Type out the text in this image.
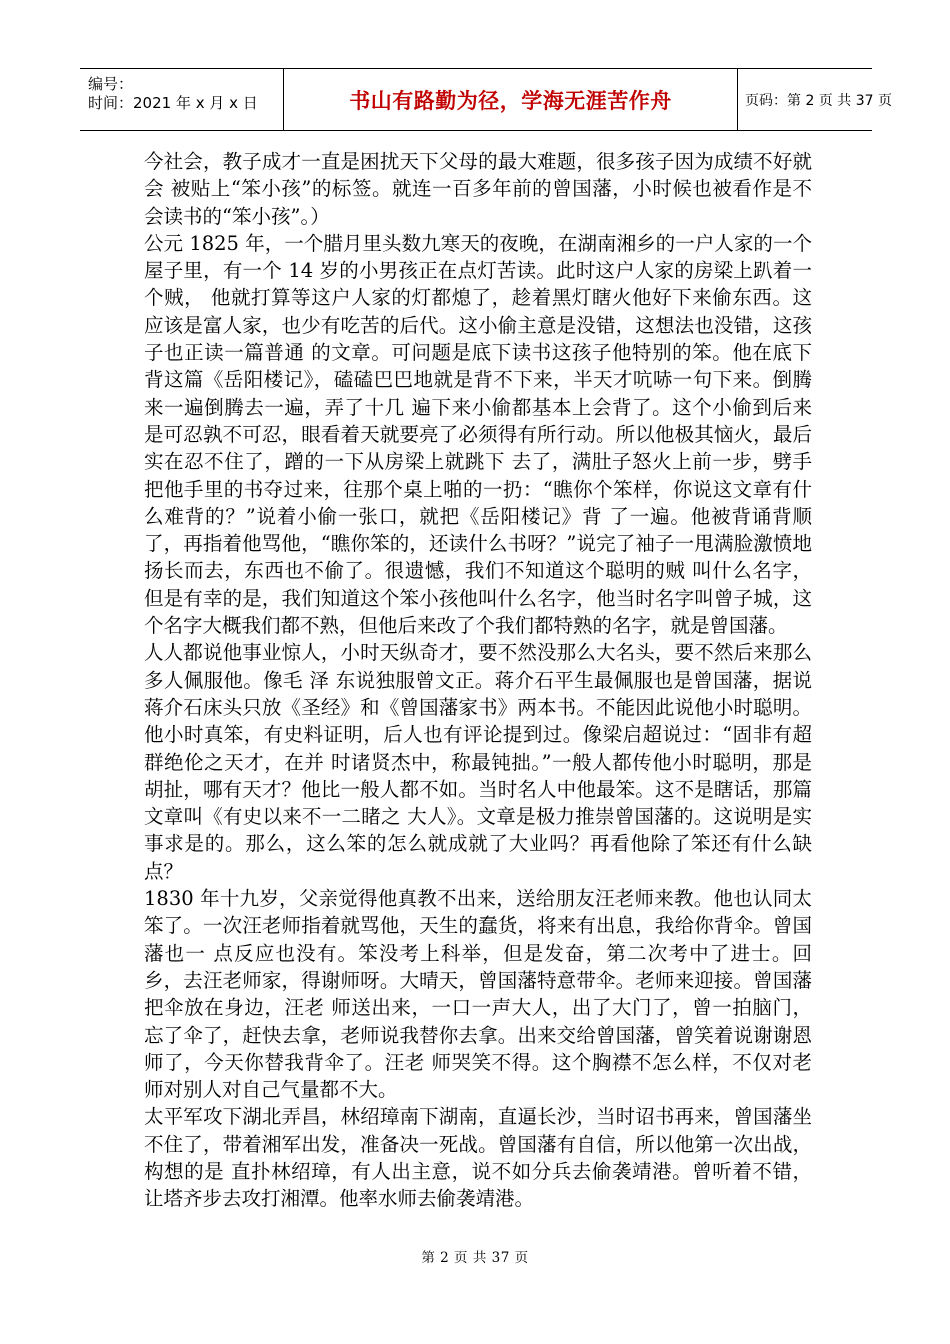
编号：
时间：2021 年 x 月 x 日	书山有路勤为径，学海无涯苦作舟	页码：第 2 页 共 37 页

今社会，教子成才一直是困扰天下父母的最大难题，很多孩子因为成绩不好就会 被贴上“笨小孩”的标签。就连一百多年前的曾国藩，小时候也被看作是不会读书的“笨小孩”。）

公元 1825 年，一个腊月里头数九寒天的夜晚，在湖南湘乡的一户人家的一个屋子里，有一个 14 岁的小男孩正在点灯苦读。此时这户人家的房梁上趴着一个贼， 他就打算等这户人家的灯都熄了，趁着黑灯瞎火他好下来偷东西。这应该是富人家，也少有吃苦的后代。这小偷主意是没错，这想法也没错，这孩子也正读一篇普通 的文章。可问题是底下读书这孩子他特别的笨。他在底下背这篇《岳阳楼记》，磕磕巴巴地就是背不下来，半天才吭哧一句下来。倒腾来一遍倒腾去一遍，弄了十几 遍下来小偷都基本上会背了。这个小偷到后来是可忍孰不可忍，眼看着天就要亮了必须得有所行动。所以他极其恼火，最后实在忍不住了，蹭的一下从房梁上就跳下 去了，满肚子怒火上前一步，劈手把他手里的书夺过来，往那个桌上啪的一扔：“瞧你个笨样，你说这文章有什么难背的？”说着小偷一张口，就把《岳阳楼记》背 了一遍。他被背诵背顺了，再指着他骂他，“瞧你笨的，还读什么书呀？”说完了袖子一甩满脸激愤地扬长而去，东西也不偷了。很遗憾，我们不知道这个聪明的贼 叫什么名字，但是有幸的是，我们知道这个笨小孩他叫什么名字，他当时名字叫曾子城，这个名字大概我们都不熟，但他后来改了个我们都特熟的名字，就是曾国藩。

人人都说他事业惊人，小时天纵奇才，要不然没那么大名头，要不然后来那么多人佩服他。像毛 泽 东说独服曾文正。蒋介石平生最佩服也是曾国藩，据说蒋介石床头只放《圣经》和《曾国藩家书》两本书。不能因此说他小时聪明。他小时真笨，有史料证明，后人也有评论提到过。像梁启超说过：“固非有超群绝伦之天才，在并 时诸贤杰中，称最钝拙。”一般人都传他小时聪明，那是胡扯，哪有天才？他比一般人都不如。当时名人中他最笨。这不是瞎话，那篇文章叫《有史以来不一二睹之 大人》。文章是极力推崇曾国藩的。这说明是实事求是的。那么，这么笨的怎么就成就了大业吗？再看他除了笨还有什么缺点？

1830 年十九岁，父亲觉得他真教不出来，送给朋友汪老师来教。他也认同太笨了。一次汪老师指着就骂他，天生的蠢货，将来有出息，我给你背伞。曾国藩也一 点反应也没有。笨没考上科举，但是发奋，第二次考中了进士。回乡，去汪老师家，得谢师呀。大晴天，曾国藩特意带伞。老师来迎接。曾国藩把伞放在身边，汪老 师送出来，一口一声大人，出了大门了，曾一拍脑门，忘了伞了，赶快去拿，老师说我替你去拿。出来交给曾国藩，曾笑着说谢谢恩师了，今天你替我背伞了。汪老 师哭笑不得。这个胸襟不怎么样，不仅对老师对别人对自己气量都不大。

太平军攻下湖北弄昌，林绍璋南下湖南，直逼长沙，当时诏书再来，曾国藩坐不住了，带着湘军出发，准备决一死战。曾国藩有自信，所以他第一次出战，构想的是 直扑林绍璋，有人出主意，说不如分兵去偷袭靖港。曾听着不错，让塔齐步去攻打湘潭。他率水师去偷袭靖港。

第 2 页 共 37 页
